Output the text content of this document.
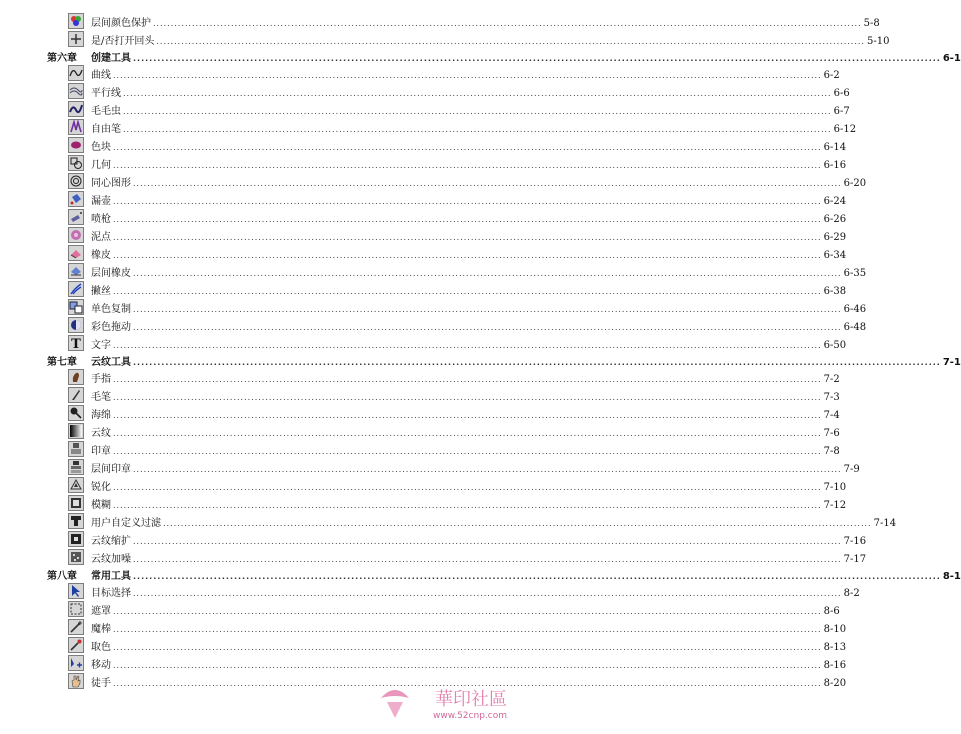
层间颜色保护 ........................................................................................................................................................................................................ 5-8
是/否打开回头 ........................................................................................................................................................................................................ 5-10
第六章 创建工具 ........................................................................................................................................................................................................ 6-1
曲线 ........................................................................................................................................................................................................ 6-2
平行线 ........................................................................................................................................................................................................ 6-6
毛毛虫 ........................................................................................................................................................................................................ 6-7
自由笔 ........................................................................................................................................................................................................ 6-12
色块 ........................................................................................................................................................................................................ 6-14
几何 ........................................................................................................................................................................................................ 6-16
同心图形 ........................................................................................................................................................................................................ 6-20
漏壶 ........................................................................................................................................................................................................ 6-24
喷枪 ........................................................................................................................................................................................................ 6-26
泥点 ........................................................................................................................................................................................................ 6-29
橡皮 ........................................................................................................................................................................................................ 6-34
层间橡皮 ........................................................................................................................................................................................................ 6-35
撇丝 ........................................................................................................................................................................................................ 6-38
单色复制 ........................................................................................................................................................................................................ 6-46
彩色拖动 ........................................................................................................................................................................................................ 6-48
T 文字 ........................................................................................................................................................................................................ 6-50
第七章 云纹工具 ........................................................................................................................................................................................................ 7-1
手指 ........................................................................................................................................................................................................ 7-2
毛笔 ........................................................................................................................................................................................................ 7-3
海绵 ........................................................................................................................................................................................................ 7-4
云纹 ........................................................................................................................................................................................................ 7-6
印章 ........................................................................................................................................................................................................ 7-8
层间印章 ........................................................................................................................................................................................................ 7-9
锐化 ........................................................................................................................................................................................................ 7-10
模糊 ........................................................................................................................................................................................................ 7-12
用户自定义过滤 ........................................................................................................................................................................................................ 7-14
云纹缩扩 ........................................................................................................................................................................................................ 7-16
云纹加噪 ........................................................................................................................................................................................................ 7-17
第八章 常用工具 ........................................................................................................................................................................................................ 8-1
目标选择 ........................................................................................................................................................................................................ 8-2
遮罩 ........................................................................................................................................................................................................ 8-6
魔棒 ........................................................................................................................................................................................................ 8-10
取色 ........................................................................................................................................................................................................ 8-13
移动 ........................................................................................................................................................................................................ 8-16
徒手 ........................................................................................................................................................................................................ 8-20
華印社區
www.52cnp.com
